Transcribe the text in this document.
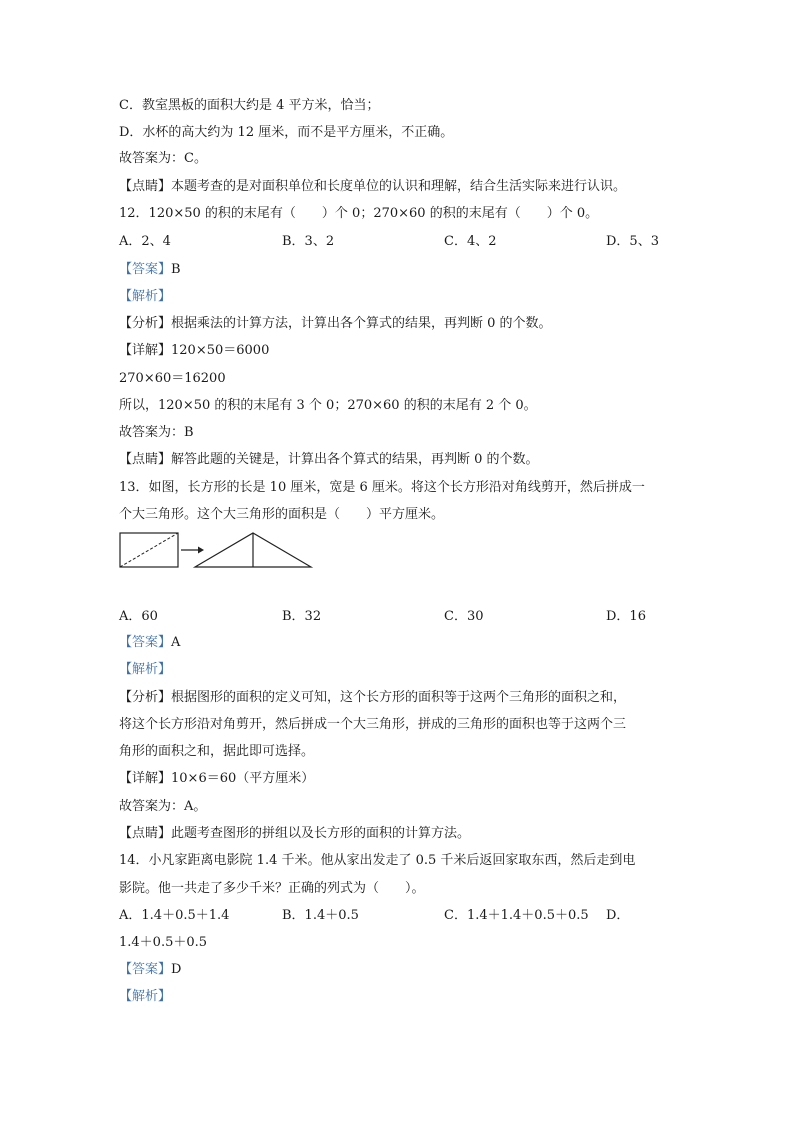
C．教室黑板的面积大约是 4 平方米，恰当；
D．水杯的高大约为 12 厘米，而不是平方厘米，不正确。
故答案为：C。
【点睛】本题考查的是对面积单位和长度单位的认识和理解，结合生活实际来进行认识。
12．120×50 的积的末尾有（　　）个 0；270×60 的积的末尾有（　　）个 0。
A．2、4	B．3、2	C．4、2	D．5、3
【答案】B
【解析】
【分析】根据乘法的计算方法，计算出各个算式的结果，再判断 0 的个数。
【详解】120×50＝6000
270×60＝16200
所以，120×50 的积的末尾有 3 个 0；270×60 的积的末尾有 2 个 0。
故答案为：B
【点睛】解答此题的关键是，计算出各个算式的结果，再判断 0 的个数。
13．如图，长方形的长是 10 厘米，宽是 6 厘米。将这个长方形沿对角线剪开，然后拼成一
个大三角形。这个大三角形的面积是（　　）平方厘米。
A．60	B．32	C．30	D．16
【答案】A
【解析】
【分析】根据图形的面积的定义可知，这个长方形的面积等于这两个三角形的面积之和，
将这个长方形沿对角剪开，然后拼成一个大三角形，拼成的三角形的面积也等于这两个三
角形的面积之和，据此即可选择。
【详解】10×6＝60（平方厘米）
故答案为：A。
【点睛】此题考查图形的拼组以及长方形的面积的计算方法。
14．小凡家距离电影院 1.4 千米。他从家出发走了 0.5 千米后返回家取东西，然后走到电
影院。他一共走了多少千米？正确的列式为（　　）。
A．1.4＋0.5＋1.4	B．1.4＋0.5	C．1.4＋1.4＋0.5＋0.5 D．
1.4＋0.5＋0.5
【答案】D
【解析】
